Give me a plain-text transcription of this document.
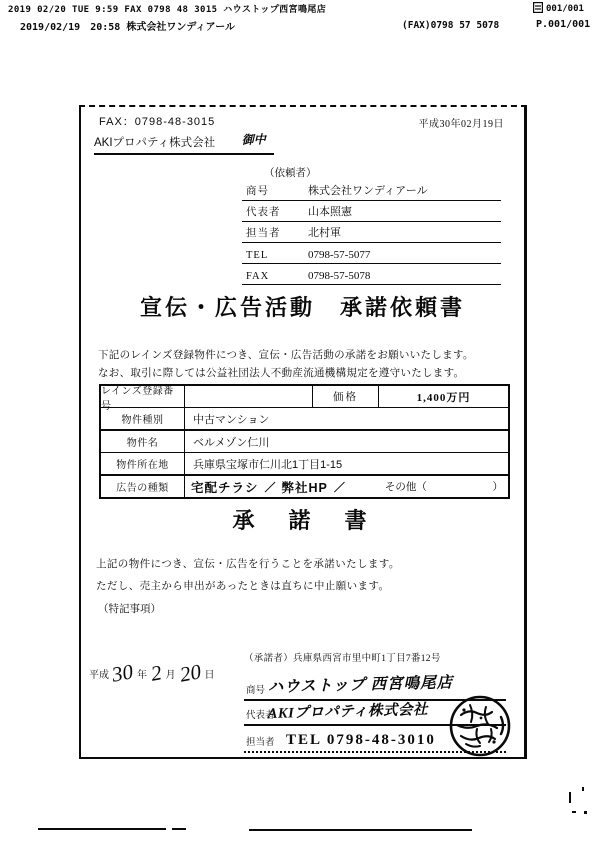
2019 02/20 TUE 9:59 FAX 0798 48 3015 ハウストップ西宮鳴尾店	001/001
2019/02/19　20:58 株式会社ワンディアール	(FAX)0798 57 5078	P.001/001
FAX：0798-48-3015	平成30年02月19日
AKIプロパティ株式会社 御中
（依頼者）
商号	株式会社ワンディアール
代表者	山本照憲
担当者	北村軍
TEL	0798-57-5077
FAX	0798-57-5078
宣伝・広告活動　承諾依頼書
下記のレインズ登録物件につき、宣伝・広告活動の承諾をお願いいたします。
なお、取引に際しては公益社団法人不動産流通機構規定を遵守いたします。
レインズ登録番号
価格	1,400万円
物件種別	中古マンション
物件名	ベルメゾン仁川
物件所在地	兵庫県宝塚市仁川北1丁目1-15
広告の種類	宅配チラシ ／ 弊社HP ／	その他（	）
承　諾　書
上記の物件につき、宣伝・広告を行うことを承諾いたします。
ただし、売主から申出があったときは直ちに中止願います。
（特記事項）
平成 30 年 2 月 20 日
（承諾者）兵庫県西宮市里中町1丁目7番12号
商号 ハウストップ 西宮鳴尾店
代表者
AKIプロパティ株式会社
担当者 TEL 0798-48-3010
